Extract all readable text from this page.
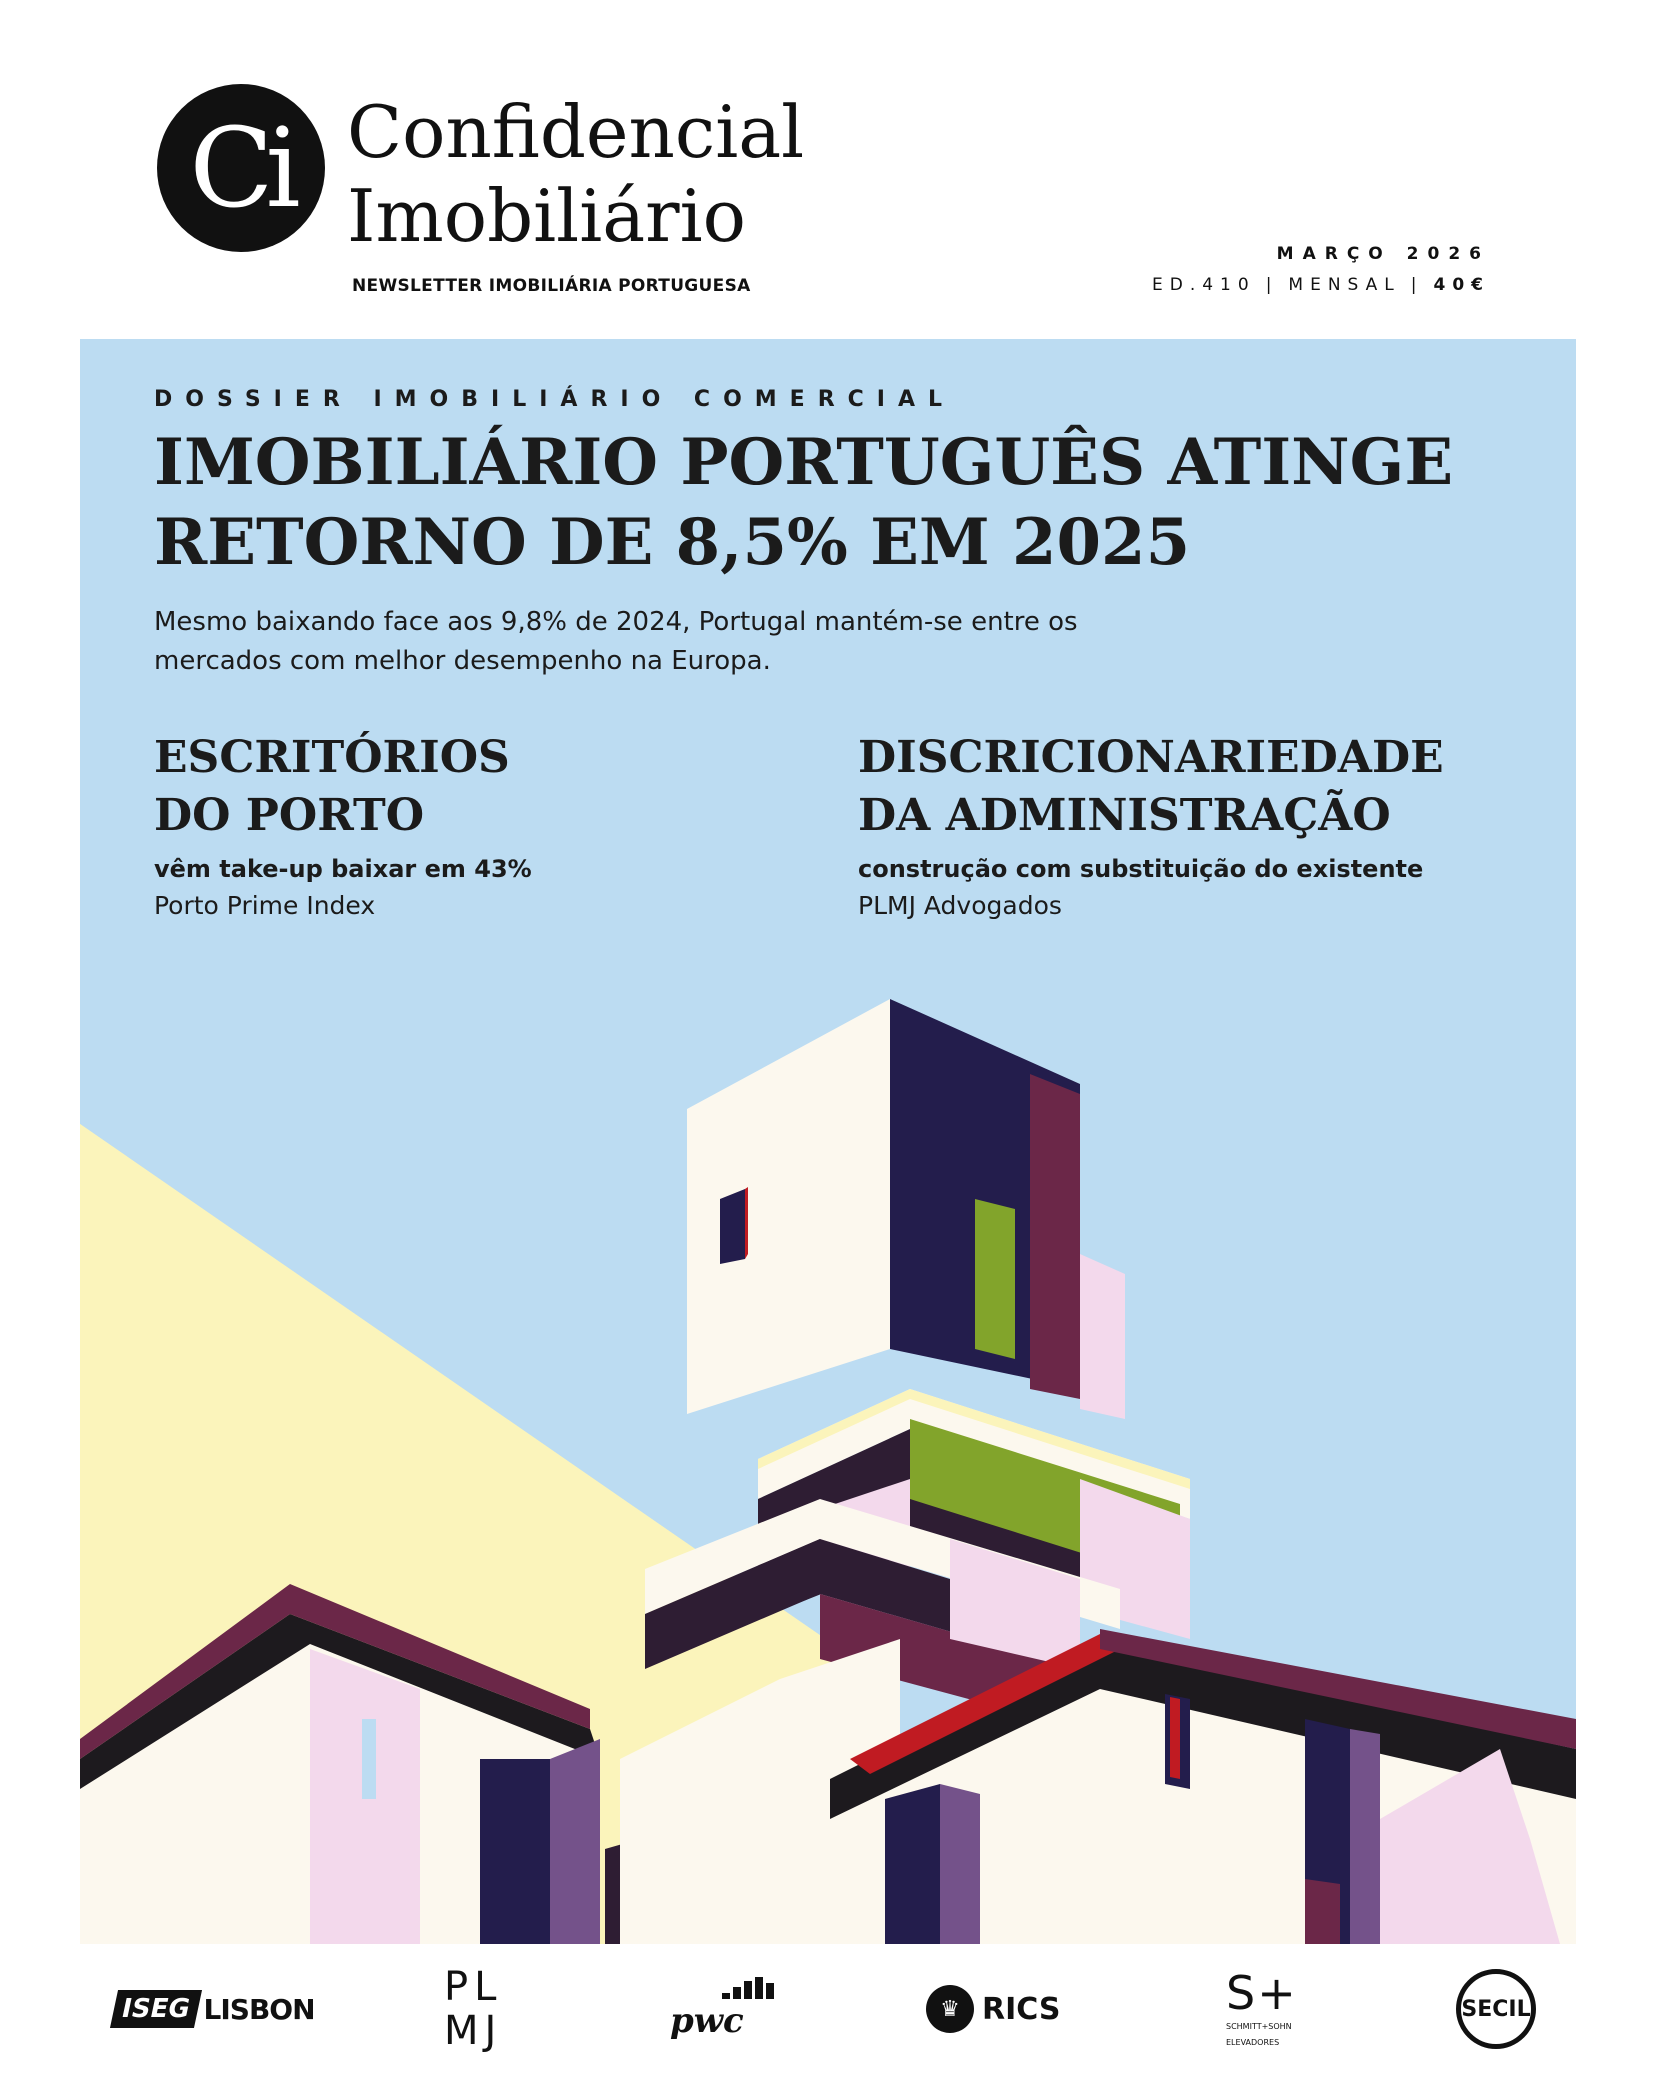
Ci Confidencial
Imobiliário
NEWSLETTER IMOBILIÁRIA PORTUGUESA
MARÇO 2026
ED.410 | MENSAL | 40€
DOSSIER IMOBILIÁRIO COMERCIAL
IMOBILIÁRIO PORTUGUÊS ATINGE
RETORNO DE 8,5% EM 2025
Mesmo baixando face aos 9,8% de 2024, Portugal mantém-se entre os mercados com melhor desempenho na Europa.
ESCRITÓRIOS
DO PORTO
vêm take-up baixar em 43%
Porto Prime Index
DISCRICIONARIEDADE
DA ADMINISTRAÇÃO
construção com substituição do existente
PLMJ Advogados
ISEG LISBON	PL
MJ	pwc	♛ RICS	S+
SCHMITT+SOHN
ELEVADORES
SECIL
